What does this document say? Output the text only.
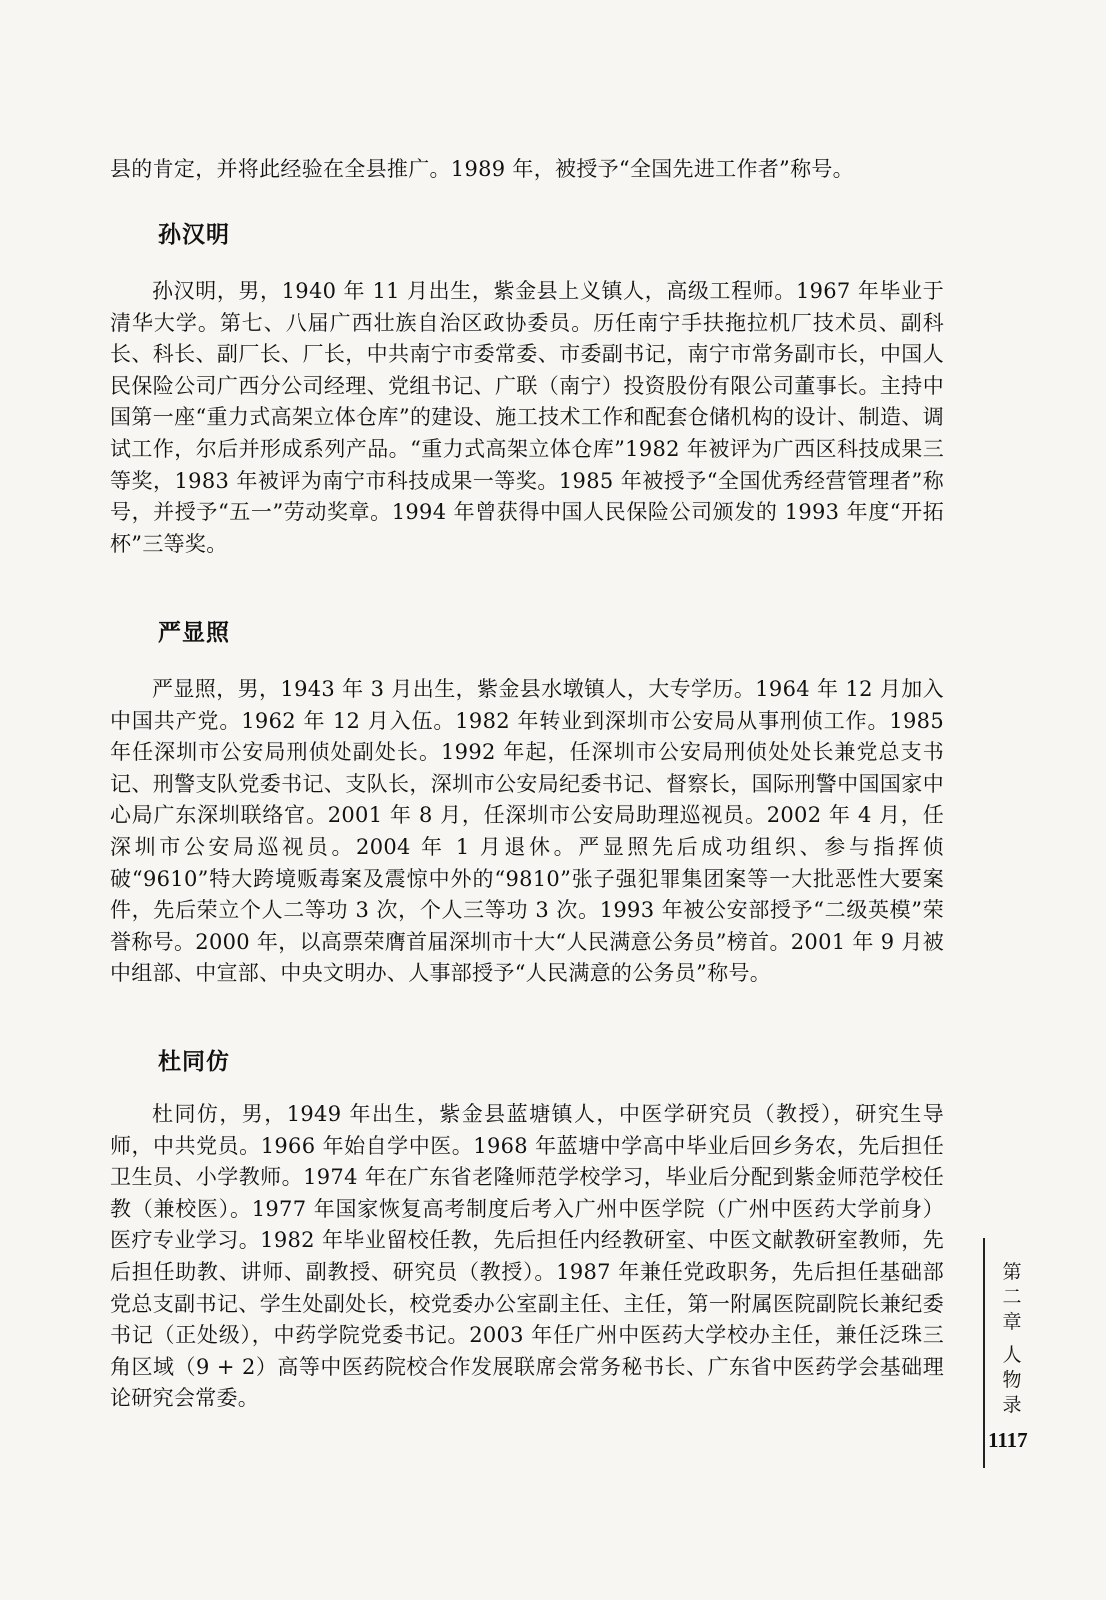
县的肯定，并将此经验在全县推广。1989 年，被授予“全国先进工作者”称号。
孙汉明
孙汉明，男，1940 年 11 月出生，紫金县上义镇人，高级工程师。1967 年毕业于清华大学。第七、八届广西壮族自治区政协委员。历任南宁手扶拖拉机厂技术员、副科长、科长、副厂长、厂长，中共南宁市委常委、市委副书记，南宁市常务副市长，中国人民保险公司广西分公司经理、党组书记、广联（南宁）投资股份有限公司董事长。主持中国第一座“重力式高架立体仓库”的建设、施工技术工作和配套仓储机构的设计、制造、调试工作，尔后并形成系列产品。“重力式高架立体仓库”1982 年被评为广西区科技成果三等奖，1983 年被评为南宁市科技成果一等奖。1985 年被授予“全国优秀经营管理者”称号，并授予“五一”劳动奖章。1994 年曾获得中国人民保险公司颁发的 1993 年度“开拓杯”三等奖。
严显照
严显照，男，1943 年 3 月出生，紫金县水墩镇人，大专学历。1964 年 12 月加入中国共产党。1962 年 12 月入伍。1982 年转业到深圳市公安局从事刑侦工作。1985 年任深圳市公安局刑侦处副处长。1992 年起，任深圳市公安局刑侦处处长兼党总支书记、刑警支队党委书记、支队长，深圳市公安局纪委书记、督察长，国际刑警中国国家中心局广东深圳联络官。2001 年 8 月，任深圳市公安局助理巡视员。2002 年 4 月，任深圳市公安局巡视员。2004 年 1 月退休。严显照先后成功组织、参与指挥侦破“9610”特大跨境贩毒案及震惊中外的“9810”张子强犯罪集团案等一大批恶性大要案件，先后荣立个人二等功 3 次，个人三等功 3 次。1993 年被公安部授予“二级英模”荣誉称号。2000 年，以高票荣膺首届深圳市十大“人民满意公务员”榜首。2001 年 9 月被中组部、中宣部、中央文明办、人事部授予“人民满意的公务员”称号。
杜同仿
杜同仿，男，1949 年出生，紫金县蓝塘镇人，中医学研究员（教授），研究生导师，中共党员。1966 年始自学中医。1968 年蓝塘中学高中毕业后回乡务农，先后担任卫生员、小学教师。1974 年在广东省老隆师范学校学习，毕业后分配到紫金师范学校任教（兼校医）。1977 年国家恢复高考制度后考入广州中医学院（广州中医药大学前身）医疗专业学习。1982 年毕业留校任教，先后担任内经教研室、中医文献教研室教师，先后担任助教、讲师、副教授、研究员（教授）。1987 年兼任党政职务，先后担任基础部党总支副书记、学生处副处长，校党委办公室副主任、主任，第一附属医院副院长兼纪委书记（正处级），中药学院党委书记。2003 年任广州中医药大学校办主任，兼任泛珠三角区域（9 + 2）高等中医药院校合作发展联席会常务秘书长、广东省中医药学会基础理论研究会常委。
第
二
章
人
物
录
1117
